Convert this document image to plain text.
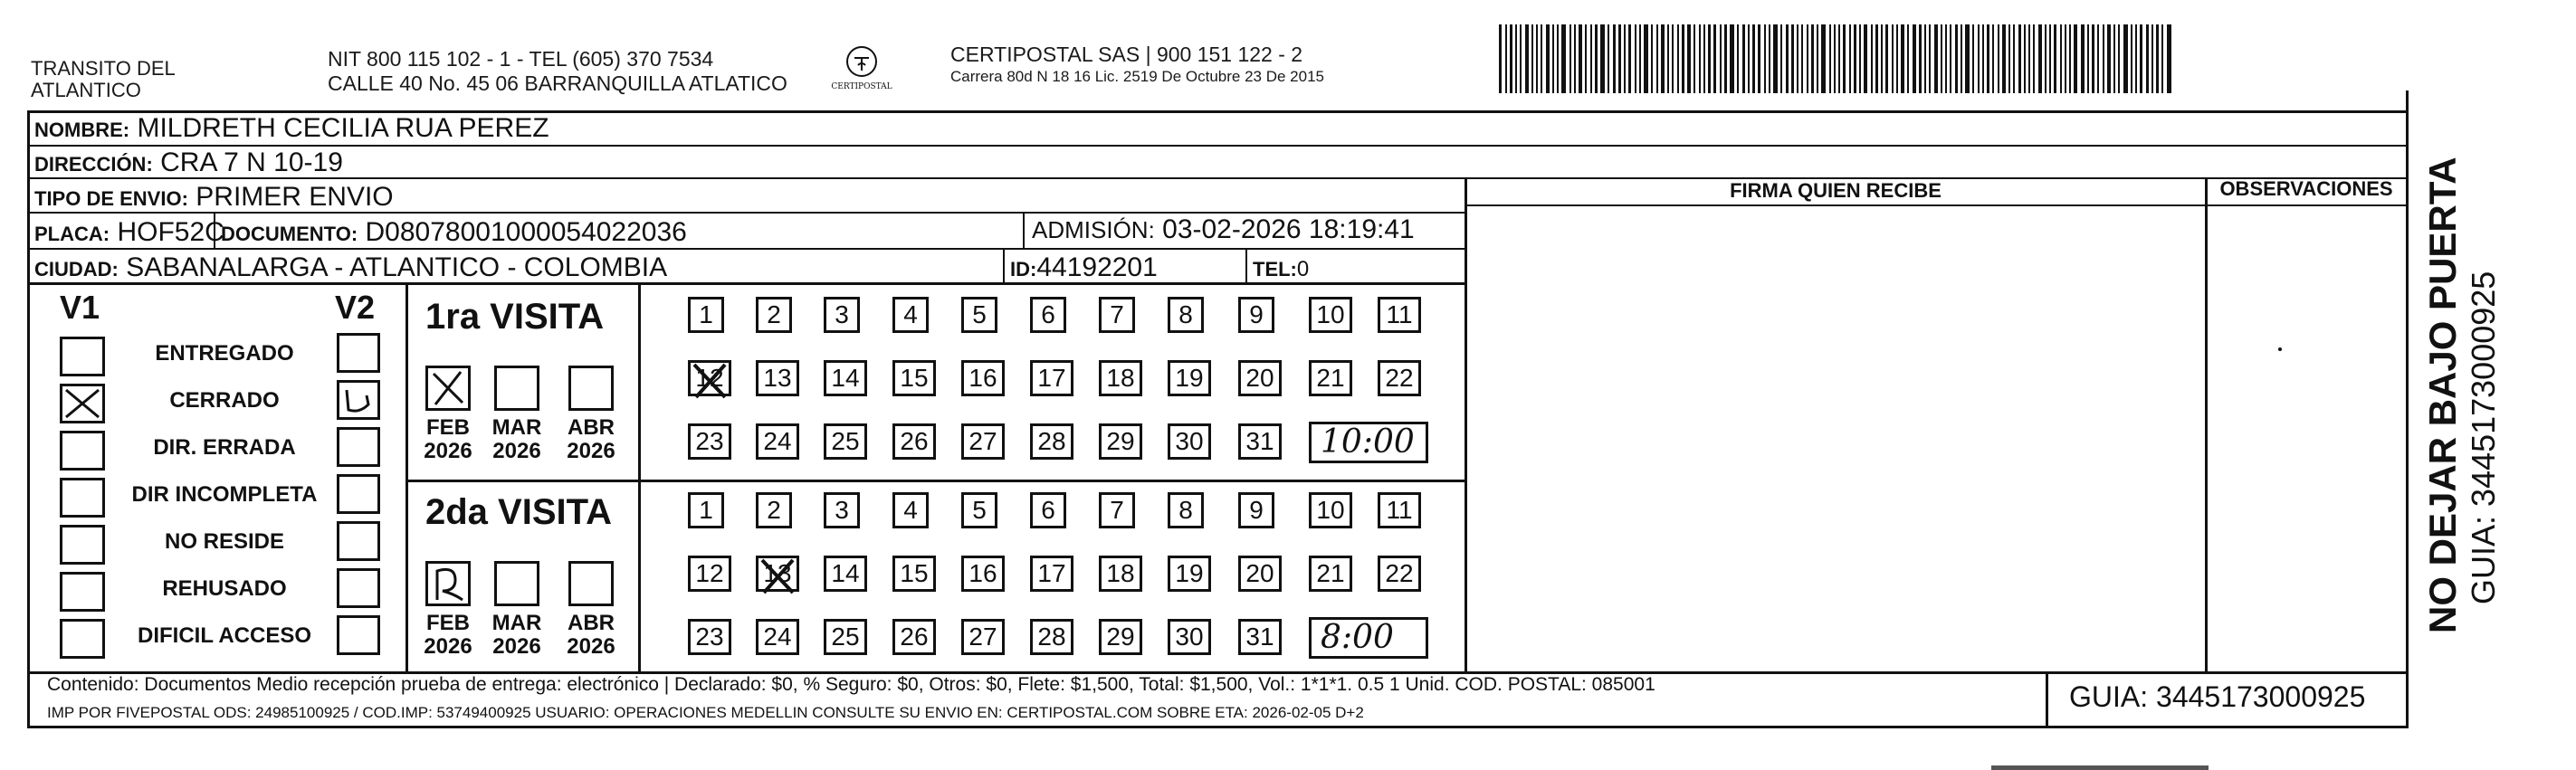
TRANSITO DEL
ATLANTICO
NIT 800 115 102 - 1 - TEL (605) 370 7534
CALLE 40 No. 45 06 BARRANQUILLA ATLATICO	CERTIPOSTAL
CERTIPOSTAL SAS | 900 151 122 - 2
Carrera 80d N 18 16 Lic. 2519 De Octubre 23 De 2015
FIRMA QUIEN RECIBE	OBSERVACIONES
NOMBRE: MILDRETH CECILIA RUA PEREZ
DIRECCIÓN: CRA 7 N 10-19
TIPO DE ENVIO: PRIMER ENVIO
PLACA: HOF52C
DOCUMENTO: D08078001000054022036	ADMISIÓN: 03-02-2026 18:19:41
CIUDAD: SABANALARGA - ATLANTICO - COLOMBIA	ID:44192201	TEL:0
V1	V2
ENTREGADO
CERRADO
DIR. ERRADA
DIR INCOMPLETA
NO RESIDE
REHUSADO
DIFICIL ACCESO
1ra VISITA
FEB
2026
MAR
2026
ABR
2026
1	2	3	4	5	6	7	8	9	10	11
12	13	14	15	16	17	18	19	20	21	22
23	24	25	26	27	28	29	30	31 10:00
2da VISITA
FEB
2026
MAR
2026
ABR
2026
1	2	3	4	5	6	7	8	9	10	11
12	13	14	15	16	17	18	19	20	21	22
23	24	25	26	27	28	29	30	31 8:00
Contenido: Documentos Medio recepción prueba de entrega: electrónico | Declarado: $0, % Seguro: $0, Otros: $0, Flete: $1,500, Total: $1,500, Vol.: 1*1*1. 0.5 1 Unid. COD. POSTAL: 085001
IMP POR FIVEPOSTAL ODS: 24985100925 / COD.IMP: 53749400925 USUARIO: OPERACIONES MEDELLIN CONSULTE SU ENVIO EN: CERTIPOSTAL.COM SOBRE ETA: 2026-02-05 D+2	GUIA: 3445173000925
NO DEJAR BAJO PUERTA GUIA: 3445173000925
